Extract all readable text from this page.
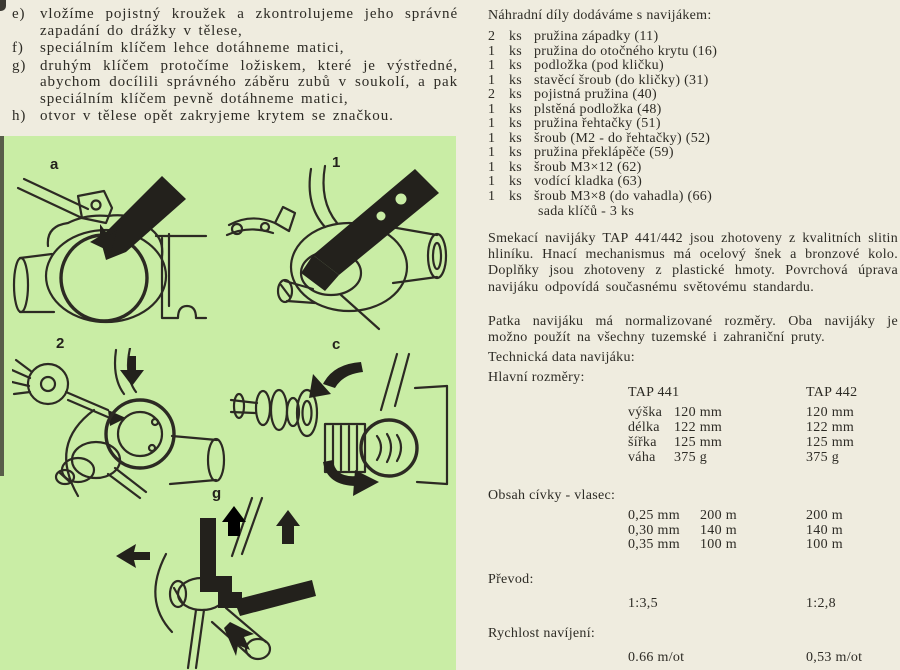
e) vložíme pojistný kroužek a zkontrolujeme jeho správné zapadání do drážky v tělese,
f)	speciálním klíčem lehce dotáhneme matici,
g) druhým klíčem protočíme ložiskem, které je výstředné, abychom docílili správného záběru zubů v soukolí, a pak speciálním klíčem pevně dotáhneme matici,
h) otvor v tělese opět zakryjeme krytem se značkou.
a	1
2	c
g
Náhradní díly dodáváme s navijákem:
2 ks pružina západky (11)
1 ks pružina do otočného krytu (16)
1 ks podložka (pod kličku)
1 ks stavěcí šroub (do kličky) (31)
2 ks pojistná pružina (40)
1 ks plstěná podložka (48)
1 ks pružina řehtačky (51)
1 ks šroub (M2 - do řehtačky) (52)
1 ks pružina překlápěče (59)
1 ks šroub M3×12 (62)
1 ks vodící kladka (63)
1 ks šroub M3×8 (do vahadla) (66)
sada klíčů - 3 ks

Smekací navijáky TAP 441/442 jsou zhotoveny z kvalitních slitin hliníku. Hnací mechanismus má ocelový šnek a bronzové kolo. Doplňky jsou zhotoveny z plastické hmoty. Povrchová úprava navijáku odpovídá současnému světovému standardu.

Patka navijáku má normalizované rozměry. Oba navijáky je možno použít na všechny tuzemské i zahraniční pruty.

Technická data navijáku:
Hlavní rozměry:
TAP 441	TAP 442
výška 120 mm	120 mm
délka 122 mm	122 mm
šířka 125 mm	125 mm
váha 375 g	375 g
Obsah cívky - vlasec:
0,25 mm 200 m	200 m
0,30 mm 140 m	140 m
0,35 mm 100 m	100 m
Převod:
1:3,5	1:2,8
Rychlost navíjení:
0.66 m/ot	0,53 m/ot
